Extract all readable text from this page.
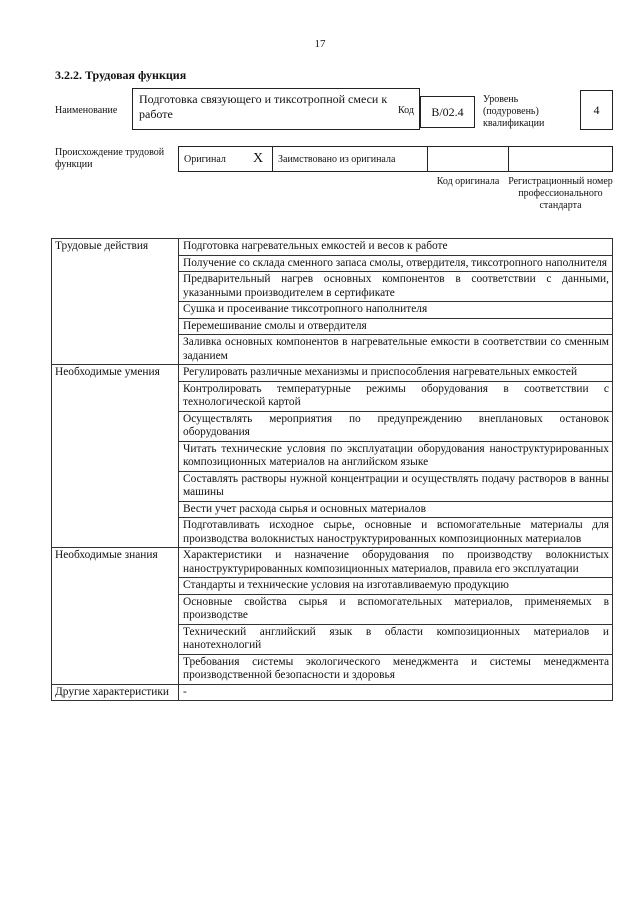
17
3.2.2. Трудовая функция
Наименование
Подготовка связующего и тиксотропной смеси к работе	Код	B/02.4
Уровень (подуровень) квалификации
4
Происхождение трудовой функции	Оригинал X Заимствовано из оригинала
Код оригинала Регистрационный номер профессионального стандарта
Трудовые действия	Подготовка нагревательных емкостей и весов к работе
	Получение со склада сменного запаса смолы, отвердителя, тиксотропного наполнителя
	Предварительный нагрев основных компонентов в соответствии с данными, указанными производителем в сертификате
	Сушка и просеивание тиксотропного наполнителя
	Перемешивание смолы и отвердителя
	Заливка основных компонентов в нагревательные емкости в соответствии со сменным заданием
Необходимые умения	Регулировать различные механизмы и приспособления нагревательных емкостей
	Контролировать температурные режимы оборудования в соответствии с технологической картой
	Осуществлять мероприятия по предупреждению внеплановых остановок оборудования
	Читать технические условия по эксплуатации оборудования наноструктурированных композиционных материалов на английском языке
	Составлять растворы нужной концентрации и осуществлять подачу растворов в ванны машины
	Вести учет расхода сырья и основных материалов
	Подготавливать исходное сырье, основные и вспомогательные материалы для производства волокнистых наноструктурированных композиционных материалов
Необходимые знания	Характеристики и назначение оборудования по производству волокнистых наноструктурированных композиционных материалов, правила его эксплуатации
	Стандарты и технические условия на изготавливаемую продукцию
	Основные свойства сырья и вспомогательных материалов, применяемых в производстве
	Технический английский язык в области композиционных материалов и нанотехнологий
	Требования системы экологического менеджмента и системы менеджмента производственной безопасности и здоровья
Другие характеристики	-
